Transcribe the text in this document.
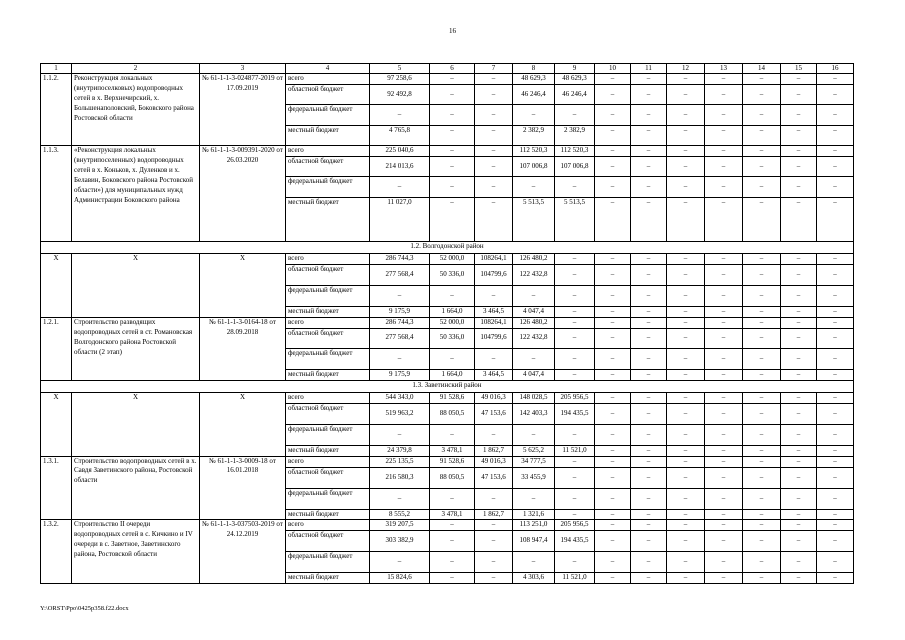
16
1	2	3	4	5	6	7	8	9	10	11	12	13	14	15	16
1.1.2.	Реконструкция локальных (внутрипоселковых) водопроводных сетей в х. Верхнечирский, х. Большенаполовский, Боковского района Ростовской области	№ 61-1-1-3-024877-2019 от 17.09.2019	всего	97 258,6	–	–	48 629,3	48 629,3	–	–	–	–	–	–	–
			областной бюджет	92 492,8	–	–	46 246,4	46 246,4	–	–	–	–	–	–	–
			федеральный бюджет	–	–	–	–	–	–	–	–	–	–	–	–
			местный бюджет	4 765,8	–	–	2 382,9	2 382,9	–	–	–	–	–	–	–
1.1.3.	«Реконструкция локальных (внутрипоселенных) водопроводных сетей в х. Коньков, х. Дуленков и х. Белавин, Боковского района Ростовской области») для муниципальных нужд Администрации Боковского района	№ 61-1-1-3-009391-2020 от 26.03.2020	всего	225 040,6	–	–	112 520,3	112 520,3	–	–	–	–	–	–	–
			областной бюджет	214 013,6	–	–	107 006,8	107 006,8	–	–	–	–	–	–	–
			федеральный бюджет	–	–	–	–	–	–	–	–	–	–	–	–
			местный бюджет	11 027,0	–	–	5 513,5	5 513,5	–	–	–	–	–	–	–
1.2. Волгодонской район															
Х	Х	Х	всего	286 744,3	52 000,0	108264,1	126 480,2	–	–	–	–	–	–	–	–
			областной бюджет	277 568,4	50 336,0	104799,6	122 432,8	–	–	–	–	–	–	–	–
			федеральный бюджет	–	–	–	–	–	–	–	–	–	–	–	–
			местный бюджет	9 175,9	1 664,0	3 464,5	4 047,4	–	–	–	–	–	–	–	–
1.2.1.	Строительство разводящих водопроводных сетей в ст. Романовская Волгодонского района Ростовской области (2 этап)	№ 61-1-1-3-0164-18 от 28.09.2018	всего	286 744,3	52 000,0	108264,1	126 480,2	–	–	–	–	–	–	–	–
			областной бюджет	277 568,4	50 336,0	104799,6	122 432,8	–	–	–	–	–	–	–	–
			федеральный бюджет	–	–	–	–	–	–	–	–	–	–	–	–
			местный бюджет	9 175,9	1 664,0	3 464,5	4 047,4	–	–	–	–	–	–	–	–
1.3. Заветинский район															
Х	Х	Х	всего	544 343,0	91 528,6	49 016,3	148 028,5	205 956,5	–	–	–	–	–	–	–
			областной бюджет	519 963,2	88 050,5	47 153,6	142 403,3	194 435,5	–	–	–	–	–	–	–
			федеральный бюджет	–	–	–	–	–	–	–	–	–	–	–	–
			местный бюджет	24 379,8	3 478,1	1 862,7	5 625,2	11 521,0	–	–	–	–	–	–	–
1.3.1.	Строительство водопроводных сетей в х. Савдя Заветинского района, Ростовской области	№ 61-1-1-3-0009-18 от 16.01.2018	всего	225 135,5	91 528,6	49 016,3	34 777,5	–	–	–	–	–	–	–	–
			областной бюджет	216 580,3	88 050,5	47 153,6	33 455,9	–	–	–	–	–	–	–	–
			федеральный бюджет	–	–	–	–	–	–	–	–	–	–	–	–
			местный бюджет	8 555,2	3 478,1	1 862,7	1 321,6	–	–	–	–	–	–	–	–
1.3.2.	Строительство II очереди водопроводных сетей в с. Кичкино и IV очереди в с. Заветное, Заветинского района, Ростовской области	№ 61-1-1-3-037503-2019 от 24.12.2019	всего	319 207,5	–	–	113 251,0	205 956,5	–	–	–	–	–	–	–
			областной бюджет	303 382,9	–	–	108 947,4	194 435,5	–	–	–	–	–	–	–
			федеральный бюджет	–	–	–	–	–	–	–	–	–	–	–	–
			местный бюджет	15 824,6	–	–	4 303,6	11 521,0	–	–	–	–	–	–	–
Y:\ORST\Ppo\0425p358.f22.docx
